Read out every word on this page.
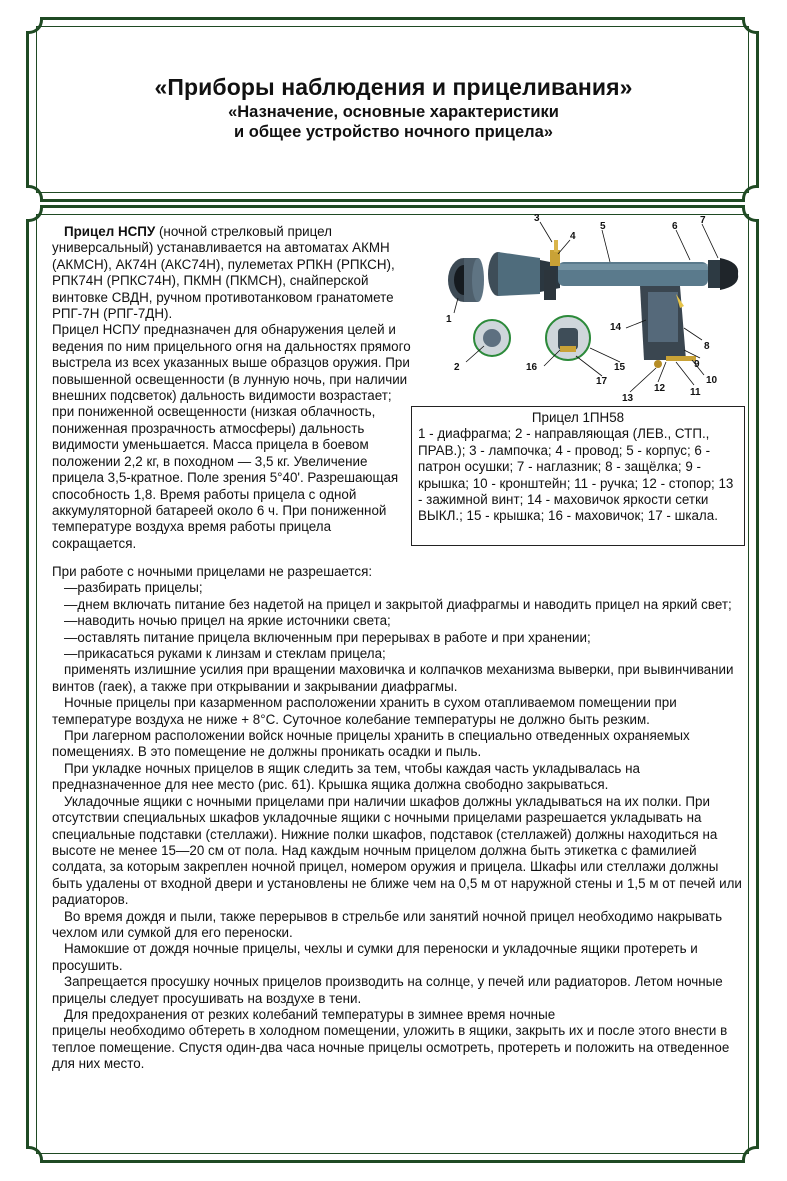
«Приборы наблюдения и прицеливания»
«Назначение, основные характеристики
и общее устройство ночного прицела»

Прицел НСПУ (ночной стрелковый прицел универсальный) устанавливается на автоматах АКМН (АКМСН), АК74Н (АКС74Н), пулеметах РПКН (РПКСН), РПК74Н (РПКС74Н), ПКМН (ПКМСН), снайперской винтовке СВДН, ручном противотанковом гранатомете РПГ-7Н (РПГ-7ДН).

Прицел НСПУ предназначен для обнаружения целей и ведения по ним прицельного огня на дальностях прямого выстрела из всех указанных выше образцов оружия. При повышенной освещенности (в лунную ночь, при наличии внешних подсветок) дальность видимости возрастает; при пониженной освещенности (низкая облачность, пониженная прозрачность атмосферы) дальность видимости уменьшается. Масса прицела в боевом положении 2,2 кг, в походном — 3,5 кг. Увеличение прицела 3,5-кратное. Поле зрения 5°40'. Разрешающая способность 1,8. Время работы прицела с одной аккумуляторной батареей около 6 ч. При пониженной температуре воздуха время работы прицела сокращается.

1
2
3
4
5	6
7
8
9
10
11
12
13
14
15
16
17
Прицел 1ПН58
1 - диафрагма; 2 - направляющая (ЛЕВ., СТП., ПРАВ.); 3 - лампочка; 4 - провод; 5 - корпус; 6 - патрон осушки; 7 - наглазник; 8 - защёлка; 9 - крышка; 10 - кронштейн; 11 - ручка; 12 - стопор; 13 - зажимной винт; 14 - маховичок яркости сетки ВЫКЛ.; 15 - крышка; 16 - маховичок; 17 - шкала.

При работе с ночными прицелами не разрешается:

—разбирать прицелы;

—днем включать питание без надетой на прицел и закрытой диафрагмы и наводить прицел на яркий свет;

—наводить ночью прицел на яркие источники света;

—оставлять питание прицела включенным при перерывах в работе и при хранении;

—прикасаться руками к линзам и стеклам прицела;

применять излишние усилия при вращении маховичка и колпачков механизма выверки, при вывинчивании винтов (гаек), а также при открывании и закрывании диафрагмы.

Ночные прицелы при казарменном расположении хранить в сухом отапливаемом помещении при температуре воздуха не ниже + 8°С. Суточное колебание температуры не должно быть резким.

При лагерном расположении войск ночные прицелы хранить в специально отведенных охраняемых помещениях. В это помещение не должны проникать осадки и пыль.

При укладке ночных прицелов в ящик следить за тем, чтобы каждая часть укладывалась на предназначенное для нее место (рис. 61). Крышка ящика должна свободно закрываться.

Укладочные ящики с ночными прицелами при наличии шкафов должны укладываться на их полки. При отсутствии специальных шкафов укладочные ящики с ночными прицелами разрешается укладывать на специальные подставки (стеллажи). Нижние полки шкафов, подставок (стеллажей) должны находиться на высоте не менее 15—20 см от пола. Над каждым ночным прицелом должна быть этикетка с фамилией солдата, за которым закреплен ночной прицел, номером оружия и прицела. Шкафы или стеллажи должны быть удалены от входной двери и установлены не ближе чем на 0,5 м от наружной стены и 1,5 м от печей или радиаторов.

Во время дождя и пыли, также перерывов в стрельбе или занятий ночной прицел необходимо накрывать чехлом или сумкой для его переноски.

Намокшие от дождя ночные прицелы, чехлы и сумки для переноски и укладочные ящики протереть и просушить.

Запрещается просушку ночных прицелов производить на солнце, у печей или радиаторов. Летом ночные прицелы следует просушивать на воздухе в тени.

Для предохранения от резких колебаний температуры в зимнее время ночные

прицелы необходимо обтереть в холодном помещении, уложить в ящики, закрыть их и после этого внести в теплое помещение. Спустя один-два часа ночные прицелы осмотреть, протереть и положить на отведенное для них место.
